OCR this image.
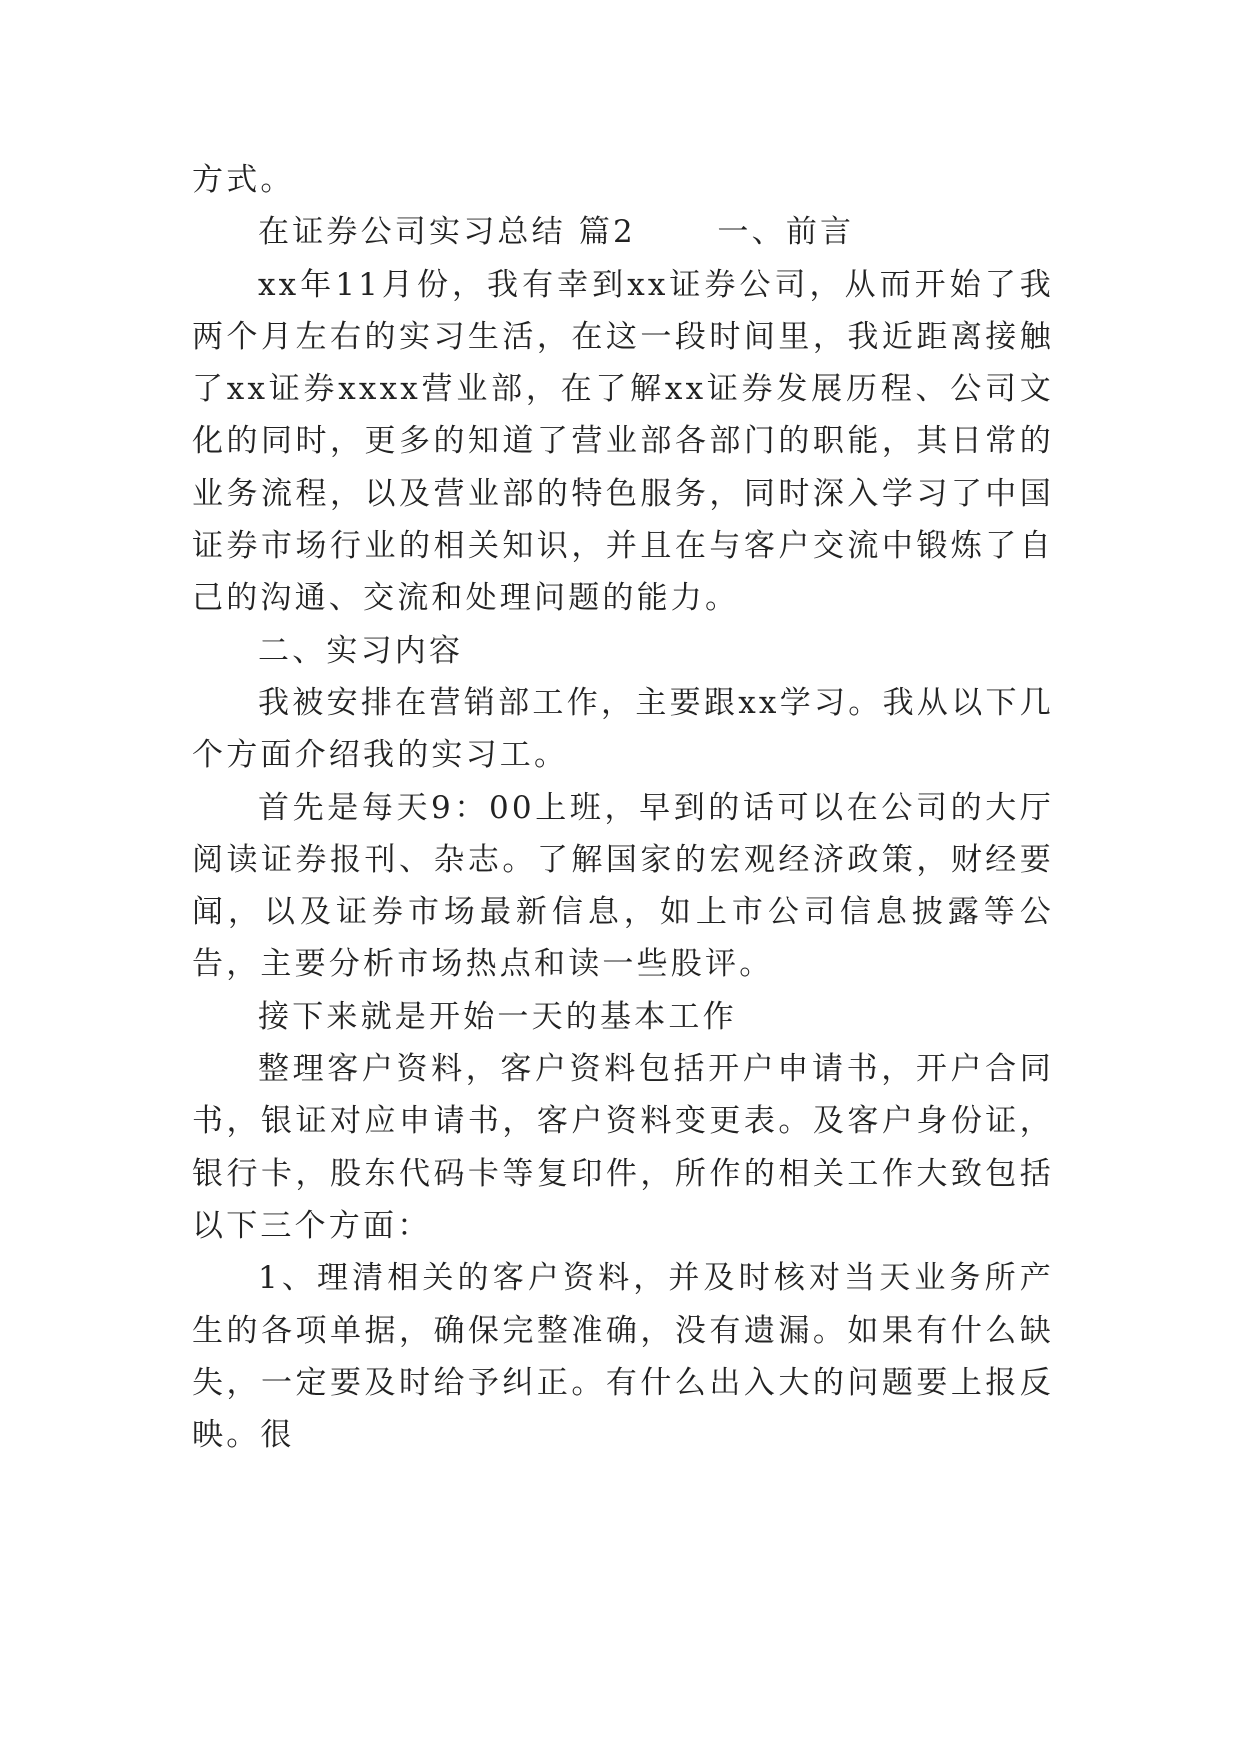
方式。

在证券公司实习总结 篇2　　 一、前言

xx年11月份，我有幸到xx证券公司，从而开始了我两个月左右的实习生活，在这一段时间里，我近距离接触了xx证券xxxx营业部，在了解xx证券发展历程、公司文化的同时，更多的知道了营业部各部门的职能，其日常的业务流程，以及营业部的特色服务，同时深入学习了中国证券市场行业的相关知识，并且在与客户交流中锻炼了自己的沟通、交流和处理问题的能力。

二、实习内容

我被安排在营销部工作，主要跟xx学习。我从以下几个方面介绍我的实习工。

首先是每天9：00上班，早到的话可以在公司的大厅阅读证券报刊、杂志。了解国家的宏观经济政策，财经要闻，以及证券市场最新信息，如上市公司信息披露等公告，主要分析市场热点和读一些股评。

接下来就是开始一天的基本工作

整理客户资料，客户资料包括开户申请书，开户合同书，银证对应申请书，客户资料变更表。及客户身份证，银行卡，股东代码卡等复印件，所作的相关工作大致包括以下三个方面：

1、理清相关的客户资料，并及时核对当天业务所产生的各项单据，确保完整准确，没有遗漏。如果有什么缺失，一定要及时给予纠正。有什么出入大的问题要上报反映。很
